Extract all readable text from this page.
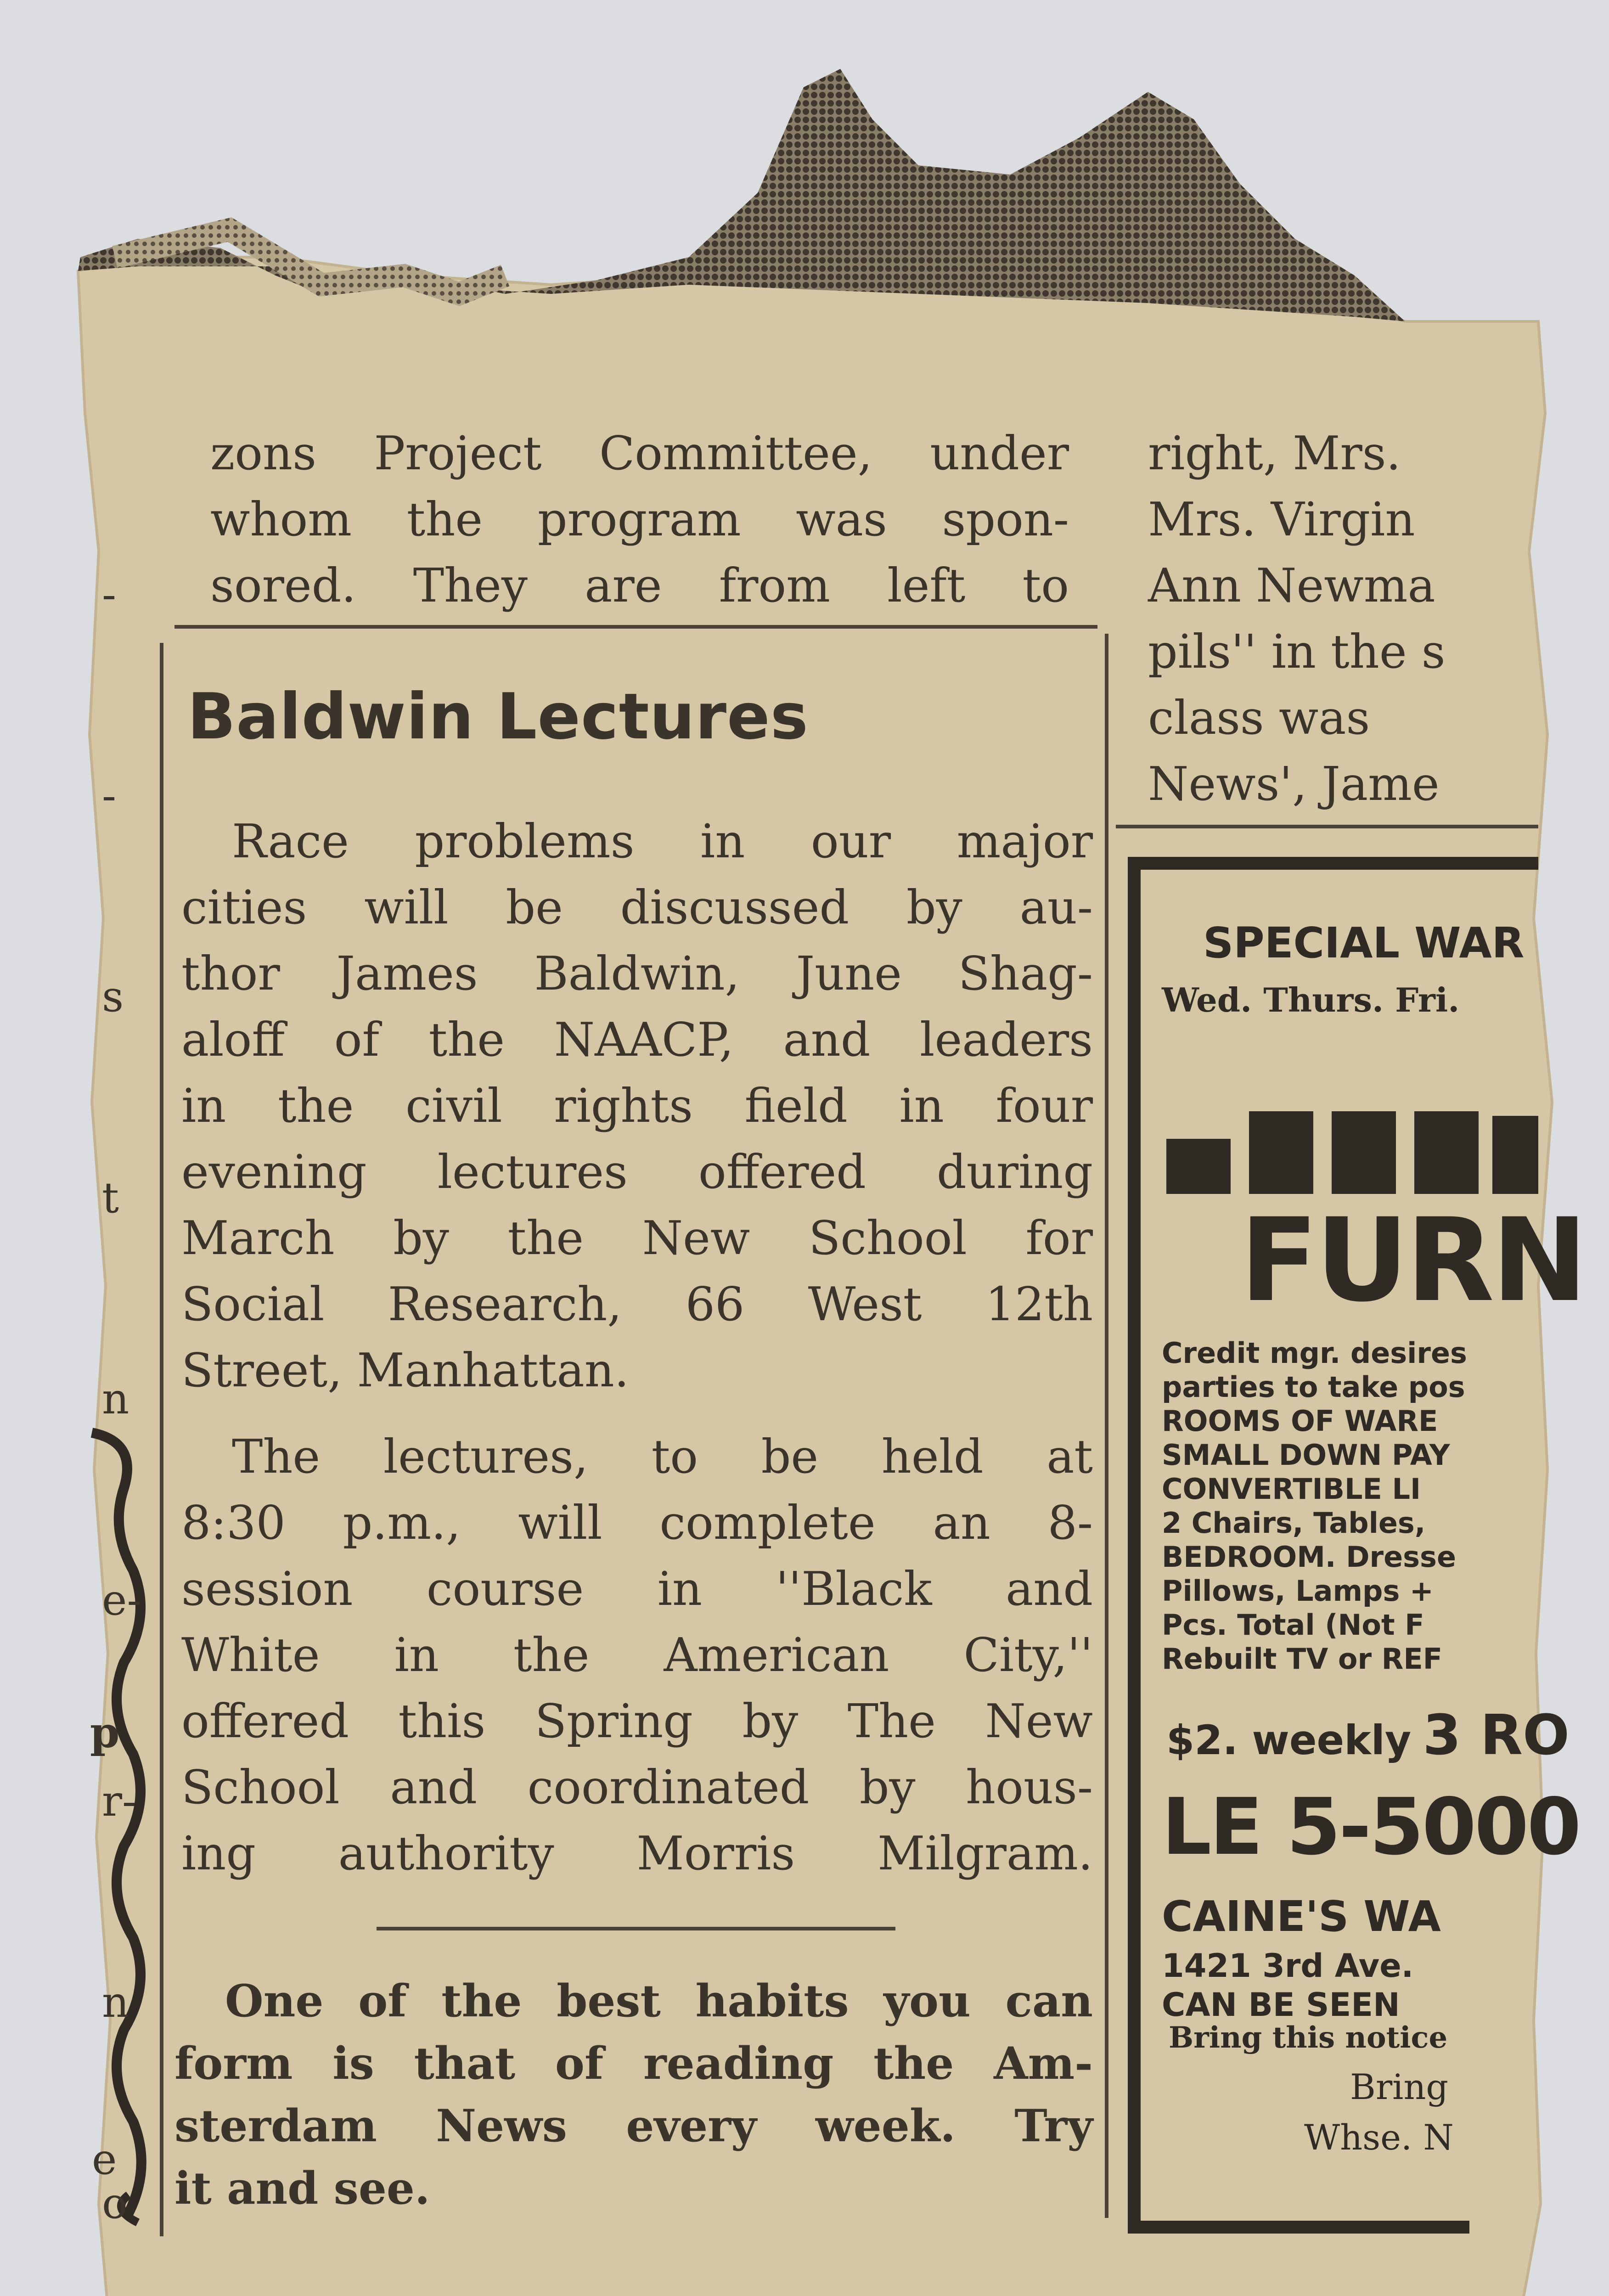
-

-

s

t

n

e-

r-

n

o

p
e
zons Project Committee, under
whom the program was spon-
sored. They are from left to
right, Mrs.
Mrs. Virgin
Ann Newma
pils'' in the s
class was
News', Jame
Baldwin Lectures
Race problems in our major
cities will be discussed by au-
thor James Baldwin, June Shag-
aloff of the NAACP, and leaders
in the civil rights field in four
evening lectures offered during
March by the New School for
Social Research, 66 West 12th
Street, Manhattan.
The lectures, to be held at
8:30 p.m., will complete an 8-
session course in ''Black and
White in the American City,''
offered this Spring by The New
School and coordinated by hous-
ing authority Morris Milgram.
One of the best habits you can
form is that of reading the Am-
sterdam News every week. Try
it and see.
SPECIAL WAR
Wed. Thurs. Fri.
FURN
Credit mgr. desires
parties to take pos
ROOMS OF WARE
SMALL DOWN PAY
CONVERTIBLE LI
2 Chairs, Tables,
BEDROOM. Dresse
Pillows, Lamps +
Pcs. Total (Not F
Rebuilt TV or REF
$2. weekly 3 RO
LE 5-5000
CAINE'S WA
1421 3rd Ave.
CAN BE SEEN
Bring this notice
Bring
Whse. N
